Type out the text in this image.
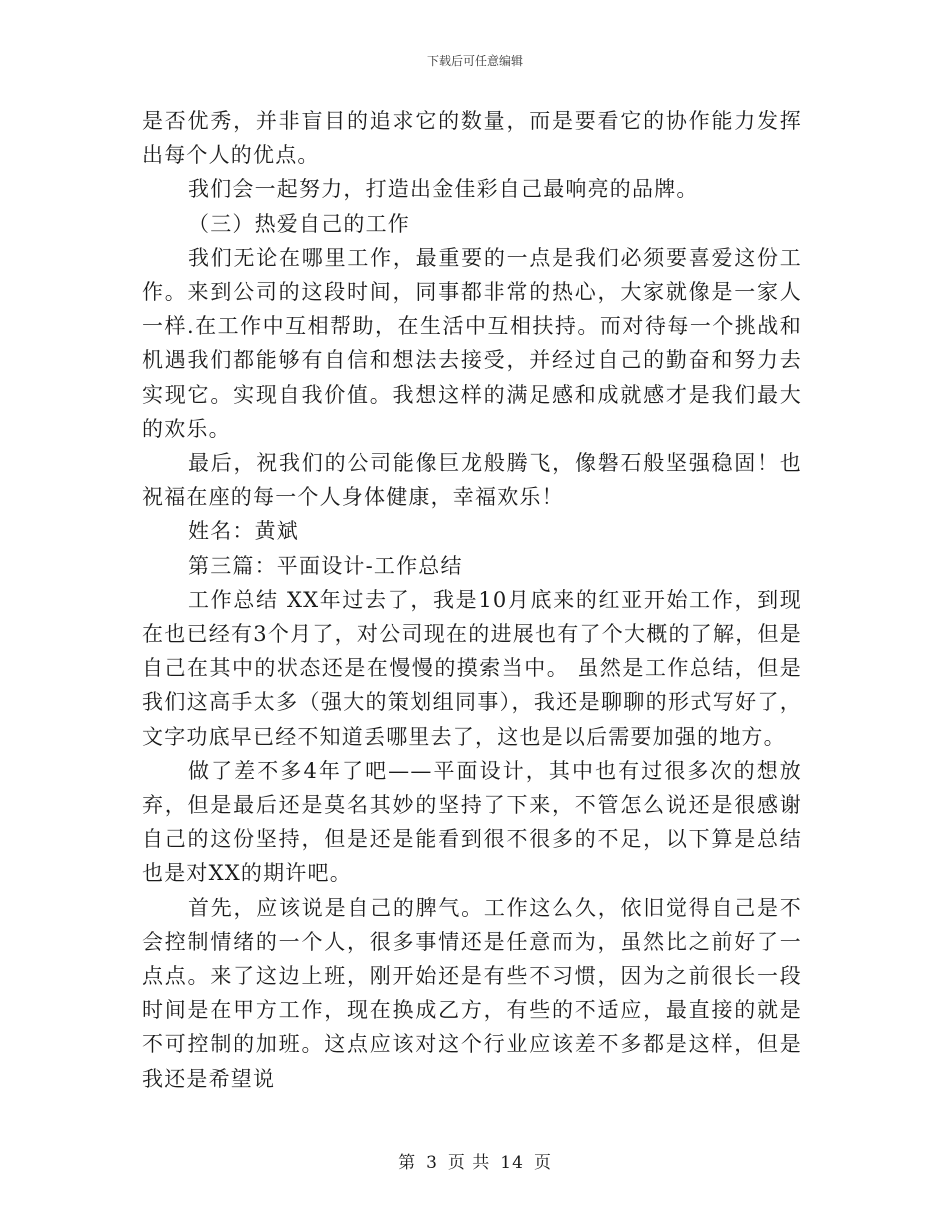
下载后可任意编辑

是否优秀，并非盲目的追求它的数量，而是要看它的协作能力发挥出每个人的优点。

我们会一起努力，打造出金佳彩自己最响亮的品牌。

（三）热爱自己的工作

我们无论在哪里工作，最重要的一点是我们必须要喜爱这份工作。来到公司的这段时间，同事都非常的热心，大家就像是一家人一样.在工作中互相帮助，在生活中互相扶持。而对待每一个挑战和机遇我们都能够有自信和想法去接受，并经过自己的勤奋和努力去实现它。实现自我价值。我想这样的满足感和成就感才是我们最大的欢乐。

最后，祝我们的公司能像巨龙般腾飞，像磐石般坚强稳固！也祝福在座的每一个人身体健康，幸福欢乐！

姓名：黄斌

第三篇：平面设计-工作总结

工作总结 XX年过去了，我是10月底来的红亚开始工作，到现在也已经有3个月了，对公司现在的进展也有了个大概的了解，但是自己在其中的状态还是在慢慢的摸索当中。 虽然是工作总结，但是我们这高手太多（强大的策划组同事），我还是聊聊的形式写好了，文字功底早已经不知道丢哪里去了，这也是以后需要加强的地方。

做了差不多4年了吧——平面设计，其中也有过很多次的想放弃，但是最后还是莫名其妙的坚持了下来，不管怎么说还是很感谢自己的这份坚持，但是还是能看到很不很多的不足，以下算是总结也是对XX的期许吧。

首先，应该说是自己的脾气。工作这么久，依旧觉得自己是不会控制情绪的一个人，很多事情还是任意而为，虽然比之前好了一点点。来了这边上班，刚开始还是有些不习惯，因为之前很长一段时间是在甲方工作，现在换成乙方，有些的不适应，最直接的就是不可控制的加班。这点应该对这个行业应该差不多都是这样，但是我还是希望说

第 3 页 共 14 页
